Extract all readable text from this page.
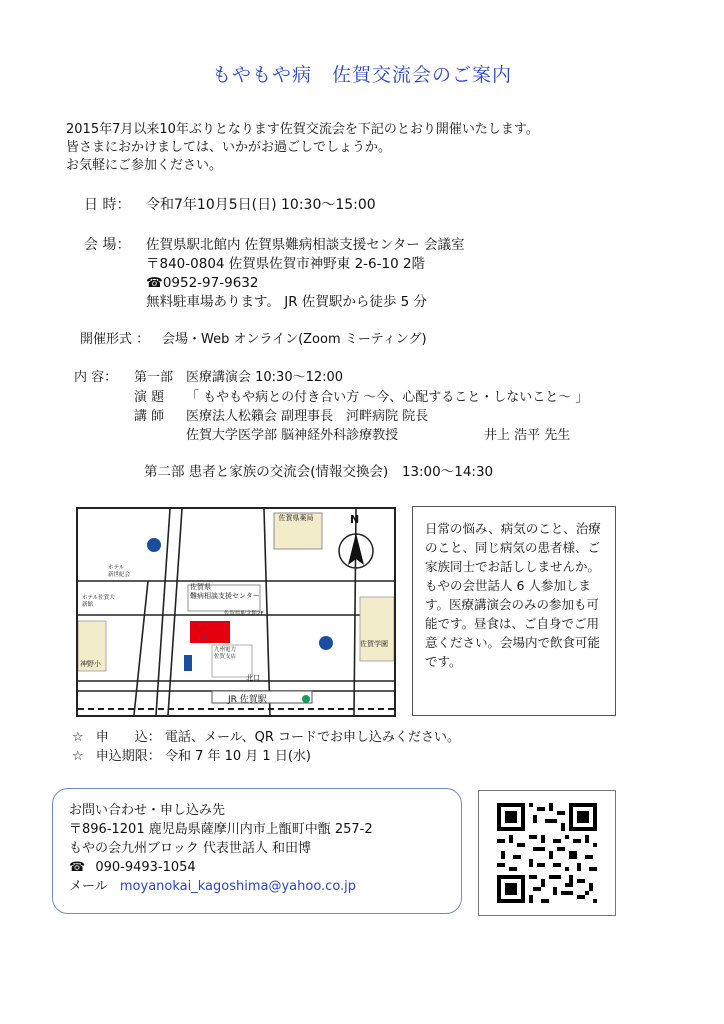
もやもや病　佐賀交流会のご案内
2015年7月以来10年ぶりとなります佐賀交流会を下記のとおり開催いたします。
皆さまにおかけましては、いかがお過ごしでしょうか。
お気軽にご参加ください。
日 時： 令和7年10月5日(日) 10:30～15:00
会 場： 佐賀県駅北館内 佐賀県難病相談支援センター 会議室
〒840-0804 佐賀県佐賀市神野東 2-6-10 2階
☎0952-97-9632
無料駐車場あります。 JR 佐賀駅から徒歩 5 分
開催形式 ： 会場・Web オンライン(Zoom ミーティング)
内 容： 第一部　医療講演会 10:30～12:00
演 題 「 もやもや病との付き合い方 ～今、心配すること・しないこと～ 」
講 師 医療法人松籟会 副理事長　河畔病院 院長
佐賀大学医学部 脳神経外科診療教授	井上 浩平 先生
第二部 患者と家族の交流会(情報交換会)　13:00～14:30
〒
佐賀県薬局
佐賀県
難病相談支援センター
佐賀県駅北館2F
ホテル
新世紀会
ホテル佐賀大
新館
九州電力
佐賀支店
神野小
佐賀学園
北口
JR 佐賀駅
N
日常の悩み、病気のこと、治療のこと、同じ病気の患者様、ご家族同士でお話ししませんか。もやの会世話人 6 人参加します。医療講演会のみの参加も可能です。昼食は、ご自身でご用意ください。会場内で飲食可能です。
☆ 申　　込： 電話、メール、QR コードでお申し込みください。
☆ 申込期限： 令和 7 年 10 月 1 日(水)
お問い合わせ・申し込み先
〒896-1201 鹿児島県薩摩川内市上甑町中甑 257-2
もやの会九州ブロック 代表世話人 和田博
☎ 090-9493-1054
メール moyanokai_kagoshima@yahoo.co.jp
